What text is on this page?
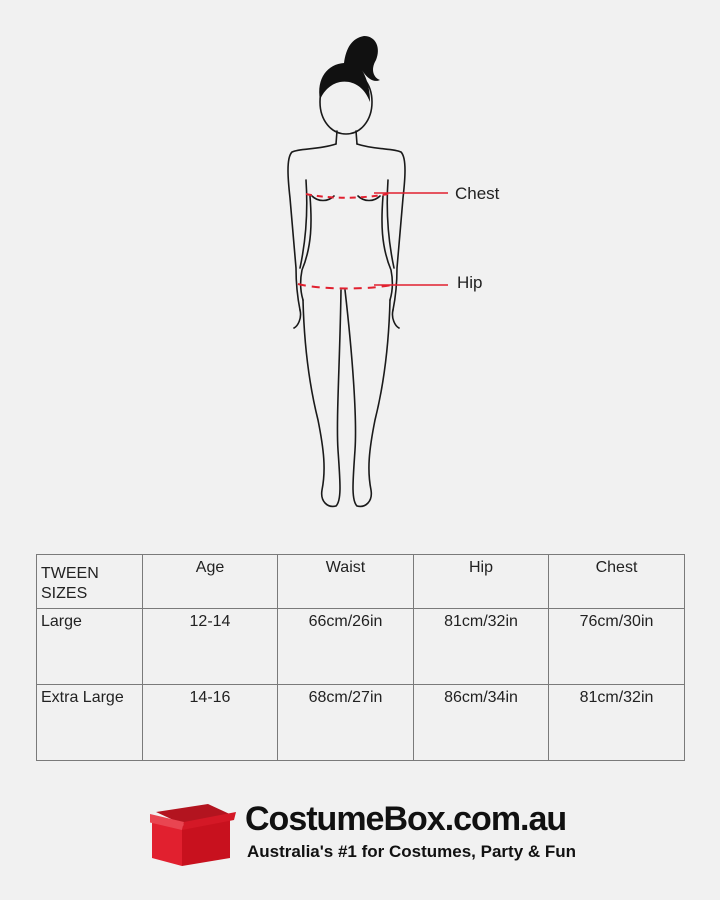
Chest
Hip
TWEEN SIZES	Age	Waist	Hip	Chest
Large	12-14	66cm/26in	81cm/32in	76cm/30in
Extra Large	14-16	68cm/27in	86cm/34in	81cm/32in
CostumeBox.com.au
Australia's #1 for Costumes, Party & Fun
